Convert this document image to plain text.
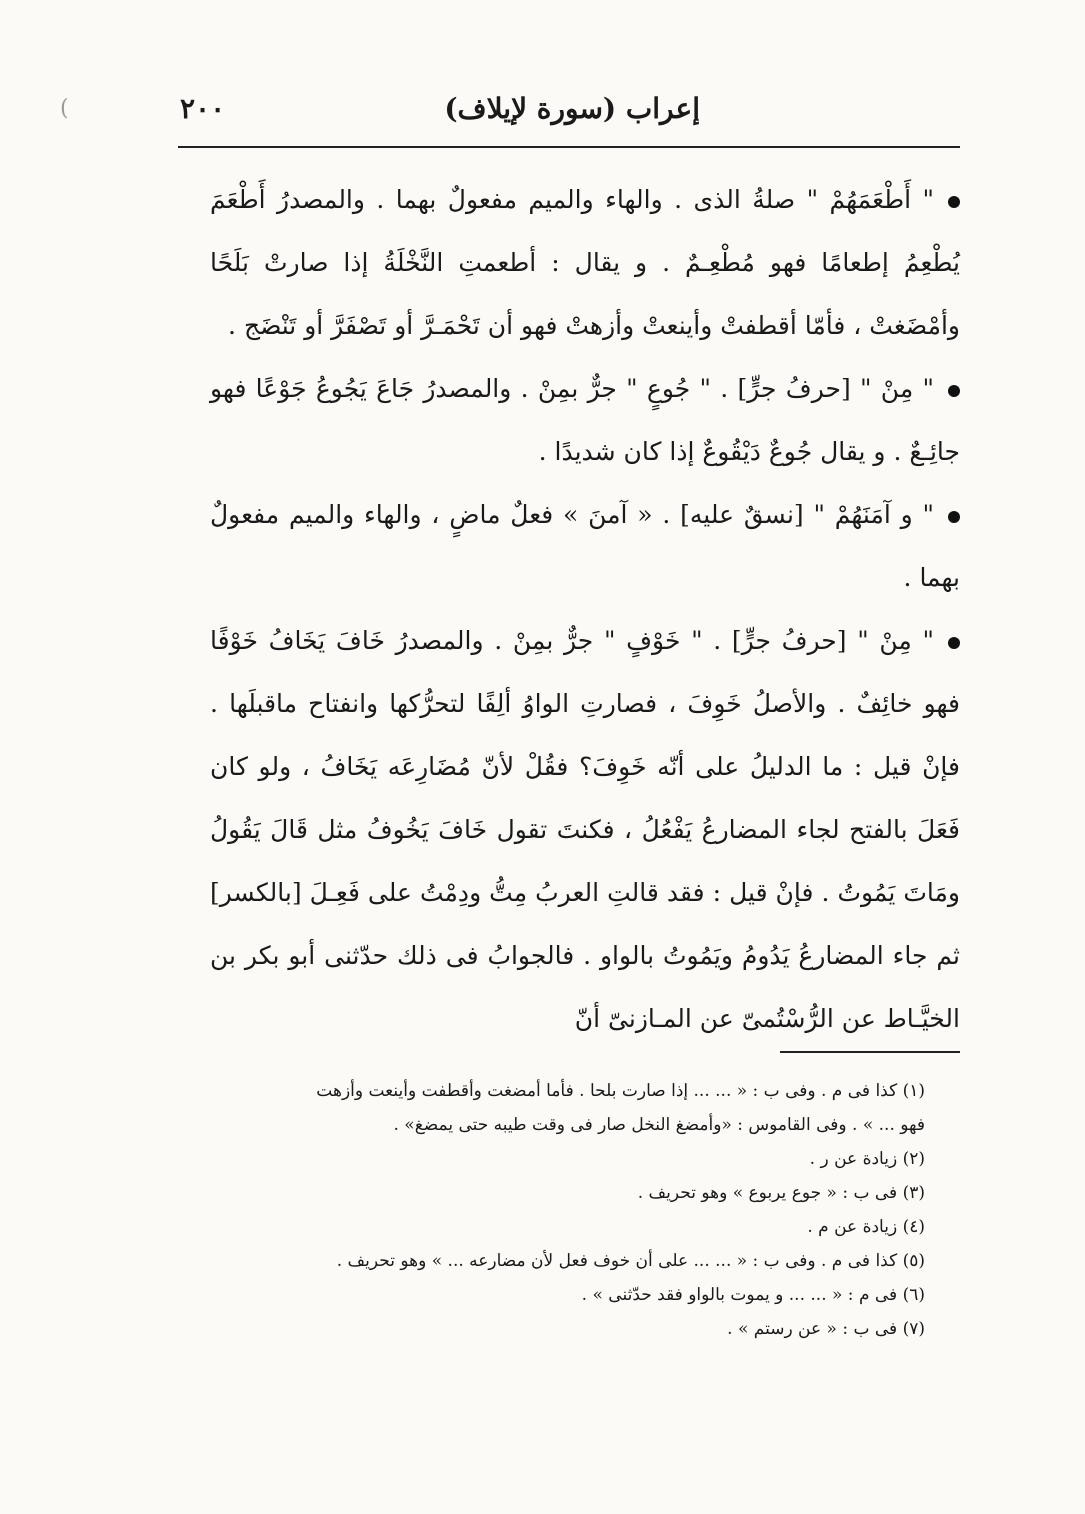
(	٢٠٠	إعراب (سورة لإيلاف)

" أَطْعَمَهُمْ " صلةُ الذى . والهاء والميم مفعولٌ بهما . والمصدرُ أَطْعَمَ يُطْعِمُ إطعامًا فهو مُطْعِـمٌ . و يقال : أطعمتِ النَّخْلَةُ إذا صارتْ بَلَحًا وأمْضَغتْ ، فأمّا أقطفتْ وأينعتْ وأزهتْ فهو أن تَحْمَـرَّ أو تَصْفَرَّ أو تَنْضَج .

" مِنْ " [حرفُ جرٍّ] . " جُوعٍ " جرٌّ بمِنْ . والمصدرُ جَاعَ يَجُوعُ جَوْعًا فهو جائِـعٌ . و يقال جُوعٌ دَيْقُوعٌ إذا كان شديدًا .

" و آمَنَهُمْ " [نسقٌ عليه] . « آمنَ » فعلٌ ماضٍ ، والهاء والميم مفعولٌ بهما .

" مِنْ " [حرفُ جرٍّ] . " خَوْفٍ " جرٌّ بمِنْ . والمصدرُ خَافَ يَخَافُ خَوْفًا فهو خائِفٌ . والأصلُ خَوِفَ ، فصارتِ الواوُ ألِفًا لتحرُّكها وانفتاح ماقبلَها . فإنْ قيل : ما الدليلُ على أنّه خَوِفَ؟ فقُلْ لأنّ مُضَارِعَه يَخَافُ ، ولو كان فَعَلَ بالفتح لجاء المضارعُ يَفْعُلُ ، فكنتَ تقول خَافَ يَخُوفُ مثل قَالَ يَقُولُ ومَاتَ يَمُوتُ . فإنْ قيل : فقد قالتِ العربُ مِتُّ ودِمْتُ على فَعِـلَ [بالكسر] ثم جاء المضارعُ يَدُومُ ويَمُوتُ بالواو . فالجوابُ فى ذلك حدّثنى أبو بكر بن الخيَّـاط عن الرُّسْتُمىّ عن المـازنىّ أنّ

(١) كذا فى م . وفى ب : « ... ... إذا صارت بلحا . فأما أمضغت وأقطفت وأينعت وأزهت

فهو ... » . وفى القاموس : «وأمضغ النخل صار فى وقت طيبه حتى يمضغ» .

(٢) زيادة عن ر .

(٣) فى ب : « جوع يربوع » وهو تحريف .

(٤) زيادة عن م .

(٥) كذا فى م . وفى ب : « ... ... على أن خوف فعل لأن مضارعه ... » وهو تحريف .

(٦) فى م : « ... ... و يموت بالواو فقد حدّثنى » .

(٧) فى ب : « عن رستم » .
